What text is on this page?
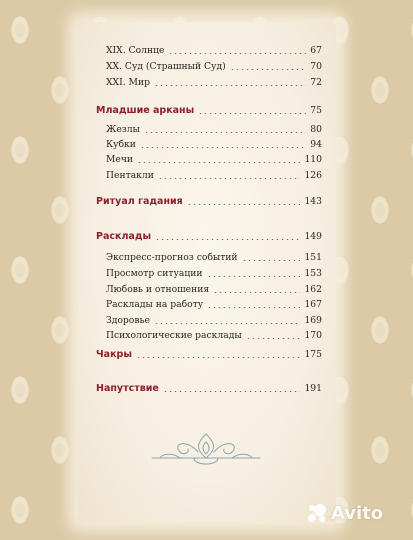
XIX. Солнце	67
XX. Суд (Страшный Суд)	70
XXI. Мир	72
Младшие арканы	75
Жезлы	80
Кубки	94
Мечи	110
Пентакли	126
Ритуал гадания	143
Расклады	149
Экспресс-прогноз событий	151
Просмотр ситуации	153
Любовь и отношения	162
Расклады на работу	167
Здоровье	169
Психологические расклады	170
Чакры	175
Напутствие	191
Avito
